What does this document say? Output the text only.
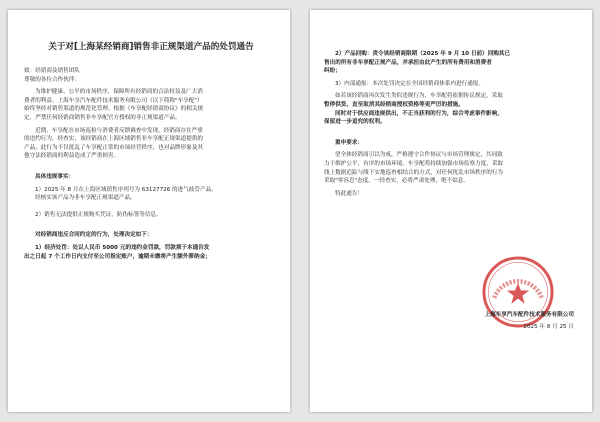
关于对[上海某经销商]销售非正规渠道产品的处罚通告

致：经销商及销售团队

尊敬的各位合作伙伴：

为维护健康、公平的市场秩序，保障所有经销商的合法权益及广大消

费者的利益，上海车享汽车配件技术服务有限公司（以下简称"车享配"）

始终坚持对销售渠道的规范化管理。根据《车享配经销商协议》的相关规

定，严禁任何经销商销售非车享配官方授权的非正规渠道产品。

近期，车享配在市场巡检与消费者反馈调查中发现，经销商存在严重

的违约行为。经查实，该经销商在上海区域销售非车享配正规渠道提供的

产品，此行为不仅扰乱了车享配正常的市场经营秩序，也对品牌形象及其

他守法经销商的利益造成了严重损害。

具体违规事实：

1）2025 年 8 月在上海区域销售序列号为 63127726 的进气歧管产品，

经核实该产品为非车享配正规渠道产品。

2）销售无法提供正规购买凭证，防伪标签等信息。

对经销商违反合同约定的行为，处理决定如下：

1）经济处罚：处以人民币 5000 元的违约金罚款，罚款须于本通告发

出之日起 7 个工作日内支付至公司指定账户，逾期未缴将产生额外滞纳金；

2）产品回购：责令该经销商限期（2025 年 9 月 10 日前）回购其已

售出的所有非车享配正规产品，并承担由此产生的所有费用和消费者

纠纷；

3）内部通报：本次处罚决定在全国经销商体系内进行通报。

如若该经销商再次发生类似违规行为，车享配将依据协议规定，采取

暂停供货、直至取消其经销商授权资格等更严厉的措施。

同时对于供应商违规供出，不正当获利的行为，综合考虑事件影响，

保留进一步追究的权利。

重申要求：

望全体经销商引以为戒，严格遵守合作协议与市场管理规定，共同致

力于维护公平、有序的市场环境。车享配将持续加强市场监察力度，采取

线上数据追踪与线下实地巡查相结合的方式，对任何扰乱市场秩序的行为

采取"零容忍"态度，一经查实，必将严肃处理，绝不姑息。

特此通告！

上海车享汽车配件技术服务有限公司
2025 年 8 月 25 日
